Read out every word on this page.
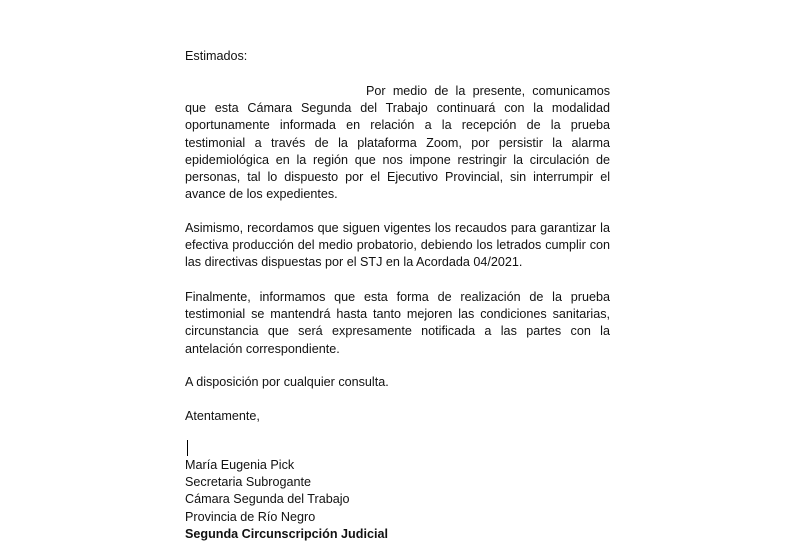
Estimados:
Por medio de la presente, comunicamos que esta Cámara Segunda del Trabajo continuará con la modalidad oportunamente informada en relación a la recepción de la prueba testimonial a través de la plataforma Zoom, por persistir la alarma epidemiológica en la región que nos impone restringir la circulación de personas, tal lo dispuesto por el Ejecutivo Provincial, sin interrumpir el avance de los expedientes.
Asimismo, recordamos que siguen vigentes los recaudos para garantizar la efectiva producción del medio probatorio, debiendo los letrados cumplir con las directivas dispuestas por el STJ en la Acordada 04/2021.
Finalmente, informamos que esta forma de realización de la prueba testimonial se mantendrá hasta tanto mejoren las condiciones sanitarias, circunstancia que será expresamente notificada a las partes con la antelación correspondiente.
A disposición por cualquier consulta.
Atentamente,
María Eugenia Pick
Secretaria Subrogante
Cámara Segunda del Trabajo
Provincia de Río Negro
Segunda Circunscripción Judicial
